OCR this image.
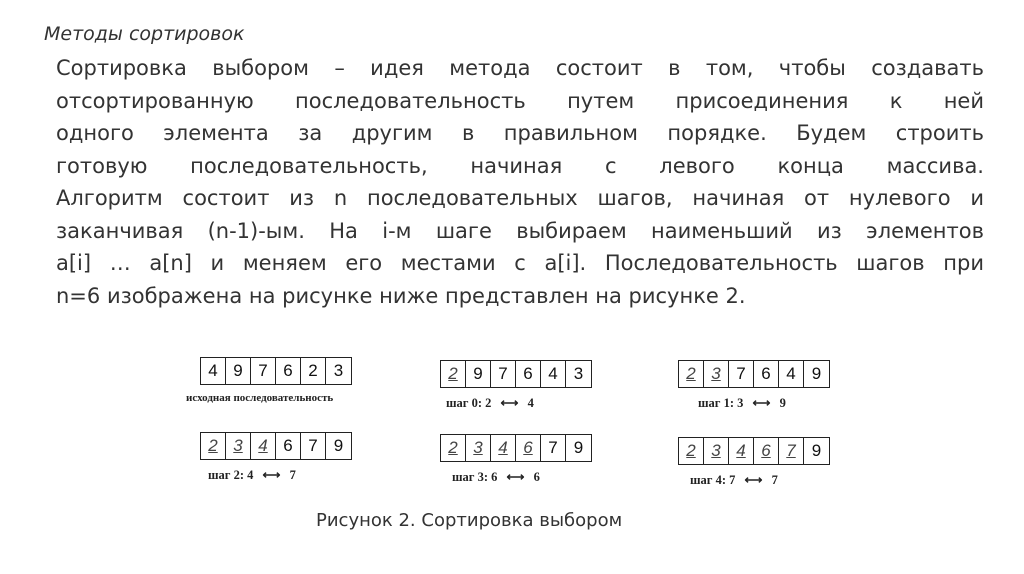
Методы сортировок
Сортировка выбором – идея метода состоит в том, чтобы создавать
отсортированную последовательность путем присоединения к ней
одного элемента за другим в правильном порядке. Будем строить
готовую последовательность, начиная с левого конца массива.
Алгоритм состоит из n последовательных шагов, начиная от нулевого и
заканчивая (n-1)-ым. На i-м шаге выбираем наименьший из элементов
a[i] … a[n] и меняем его местами с a[i]. Последовательность шагов при
n=6 изображена на рисунке ниже представлен на рисунке 2.
4 9 7 6 2 3
исходная последовательность
2 9 7 6 4 3
шаг 0: 2 ⟷ 4
2 3 7 6 4 9
шаг 1: 3 ⟷ 9
2 3 4 6 7 9
шаг 2: 4 ⟷ 7
2 3 4 6 7 9
шаг 3: 6 ⟷ 6
2 3 4 6 7 9
шаг 4: 7 ⟷ 7
Рисунок 2. Сортировка выбором
